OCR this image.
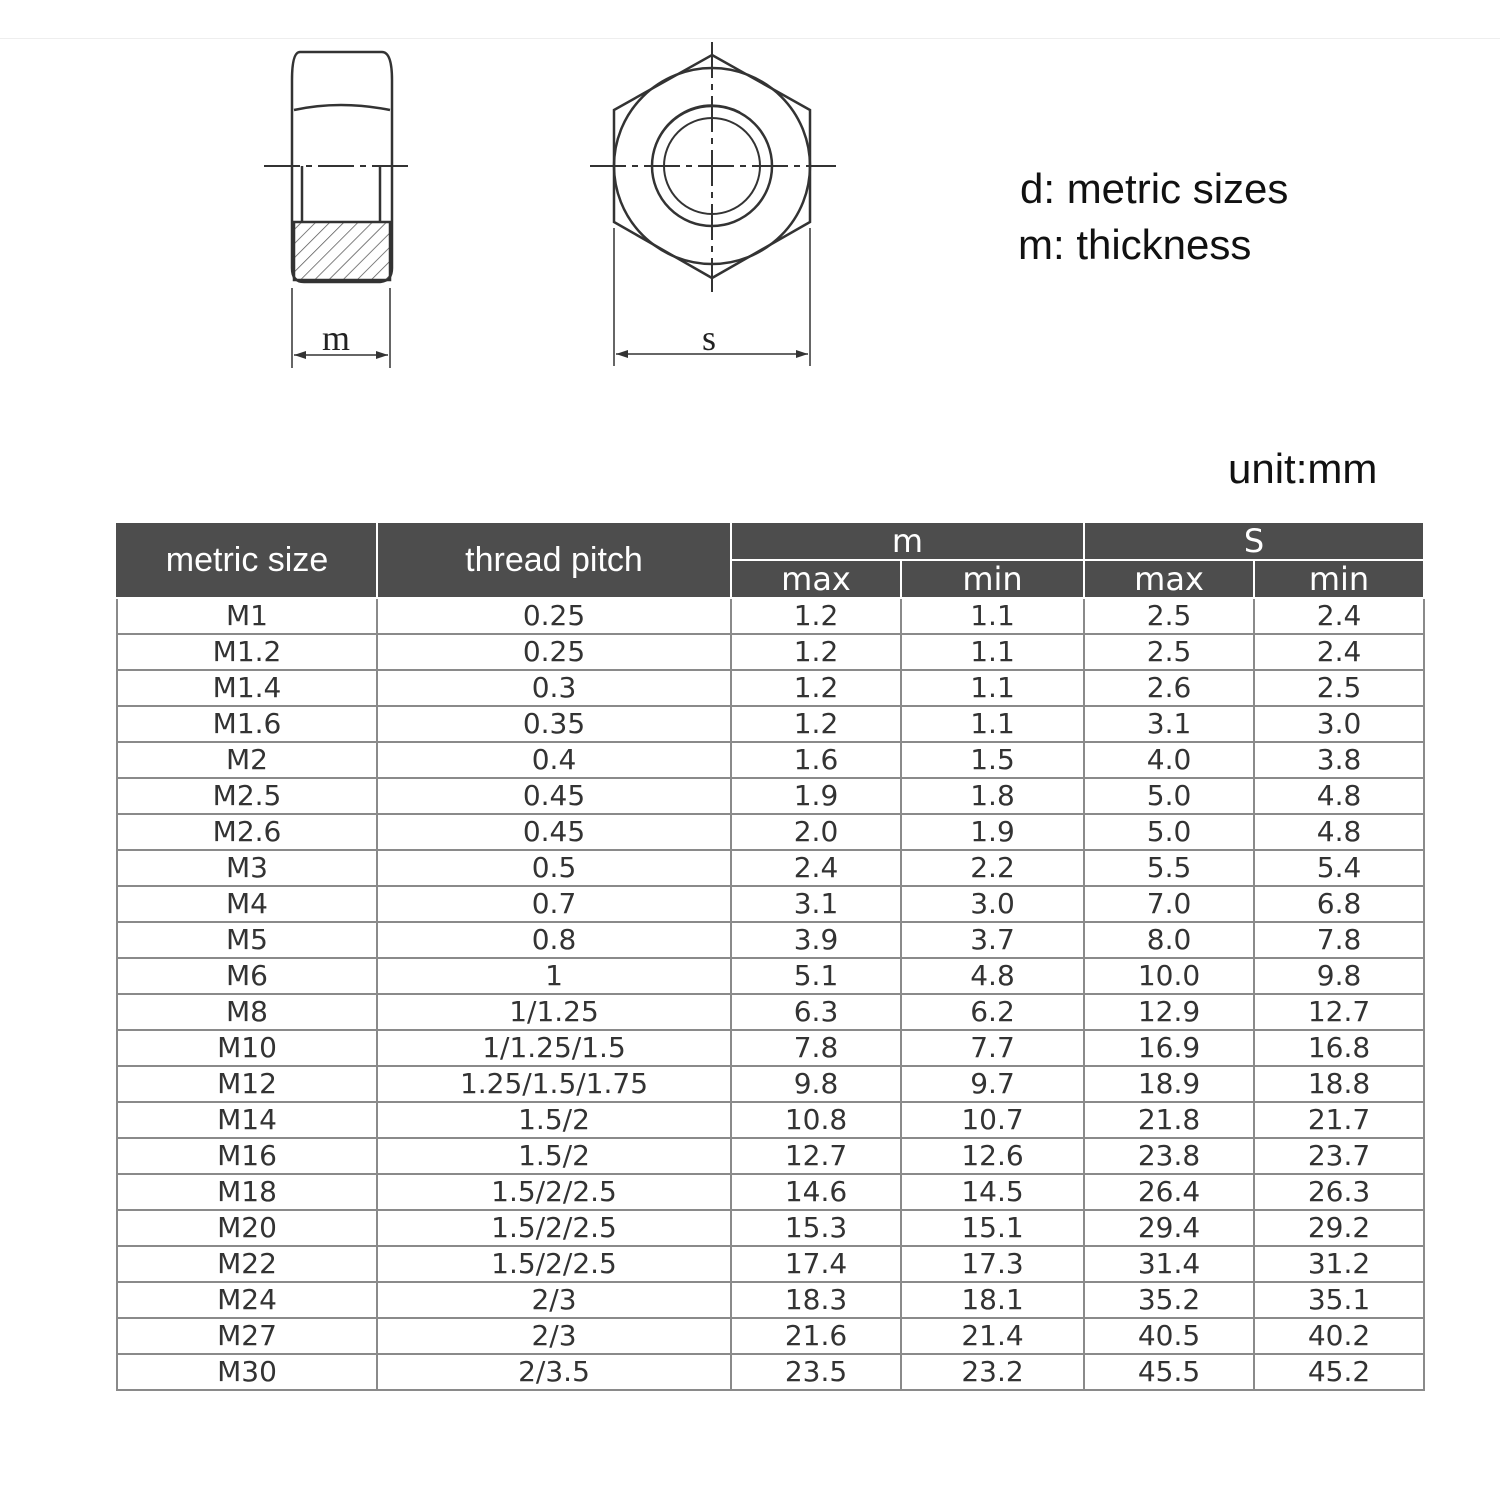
m	s
d: metric sizes
m: thickness
unit:mm
metric size	thread pitch	m		S	
		max	min	max	min
M1	0.25	1.2	1.1	2.5	2.4
M1.2	0.25	1.2	1.1	2.5	2.4
M1.4	0.3	1.2	1.1	2.6	2.5
M1.6	0.35	1.2	1.1	3.1	3.0
M2	0.4	1.6	1.5	4.0	3.8
M2.5	0.45	1.9	1.8	5.0	4.8
M2.6	0.45	2.0	1.9	5.0	4.8
M3	0.5	2.4	2.2	5.5	5.4
M4	0.7	3.1	3.0	7.0	6.8
M5	0.8	3.9	3.7	8.0	7.8
M6	1	5.1	4.8	10.0	9.8
M8	1/1.25	6.3	6.2	12.9	12.7
M10	1/1.25/1.5	7.8	7.7	16.9	16.8
M12	1.25/1.5/1.75	9.8	9.7	18.9	18.8
M14	1.5/2	10.8	10.7	21.8	21.7
M16	1.5/2	12.7	12.6	23.8	23.7
M18	1.5/2/2.5	14.6	14.5	26.4	26.3
M20	1.5/2/2.5	15.3	15.1	29.4	29.2
M22	1.5/2/2.5	17.4	17.3	31.4	31.2
M24	2/3	18.3	18.1	35.2	35.1
M27	2/3	21.6	21.4	40.5	40.2
M30	2/3.5	23.5	23.2	45.5	45.2
